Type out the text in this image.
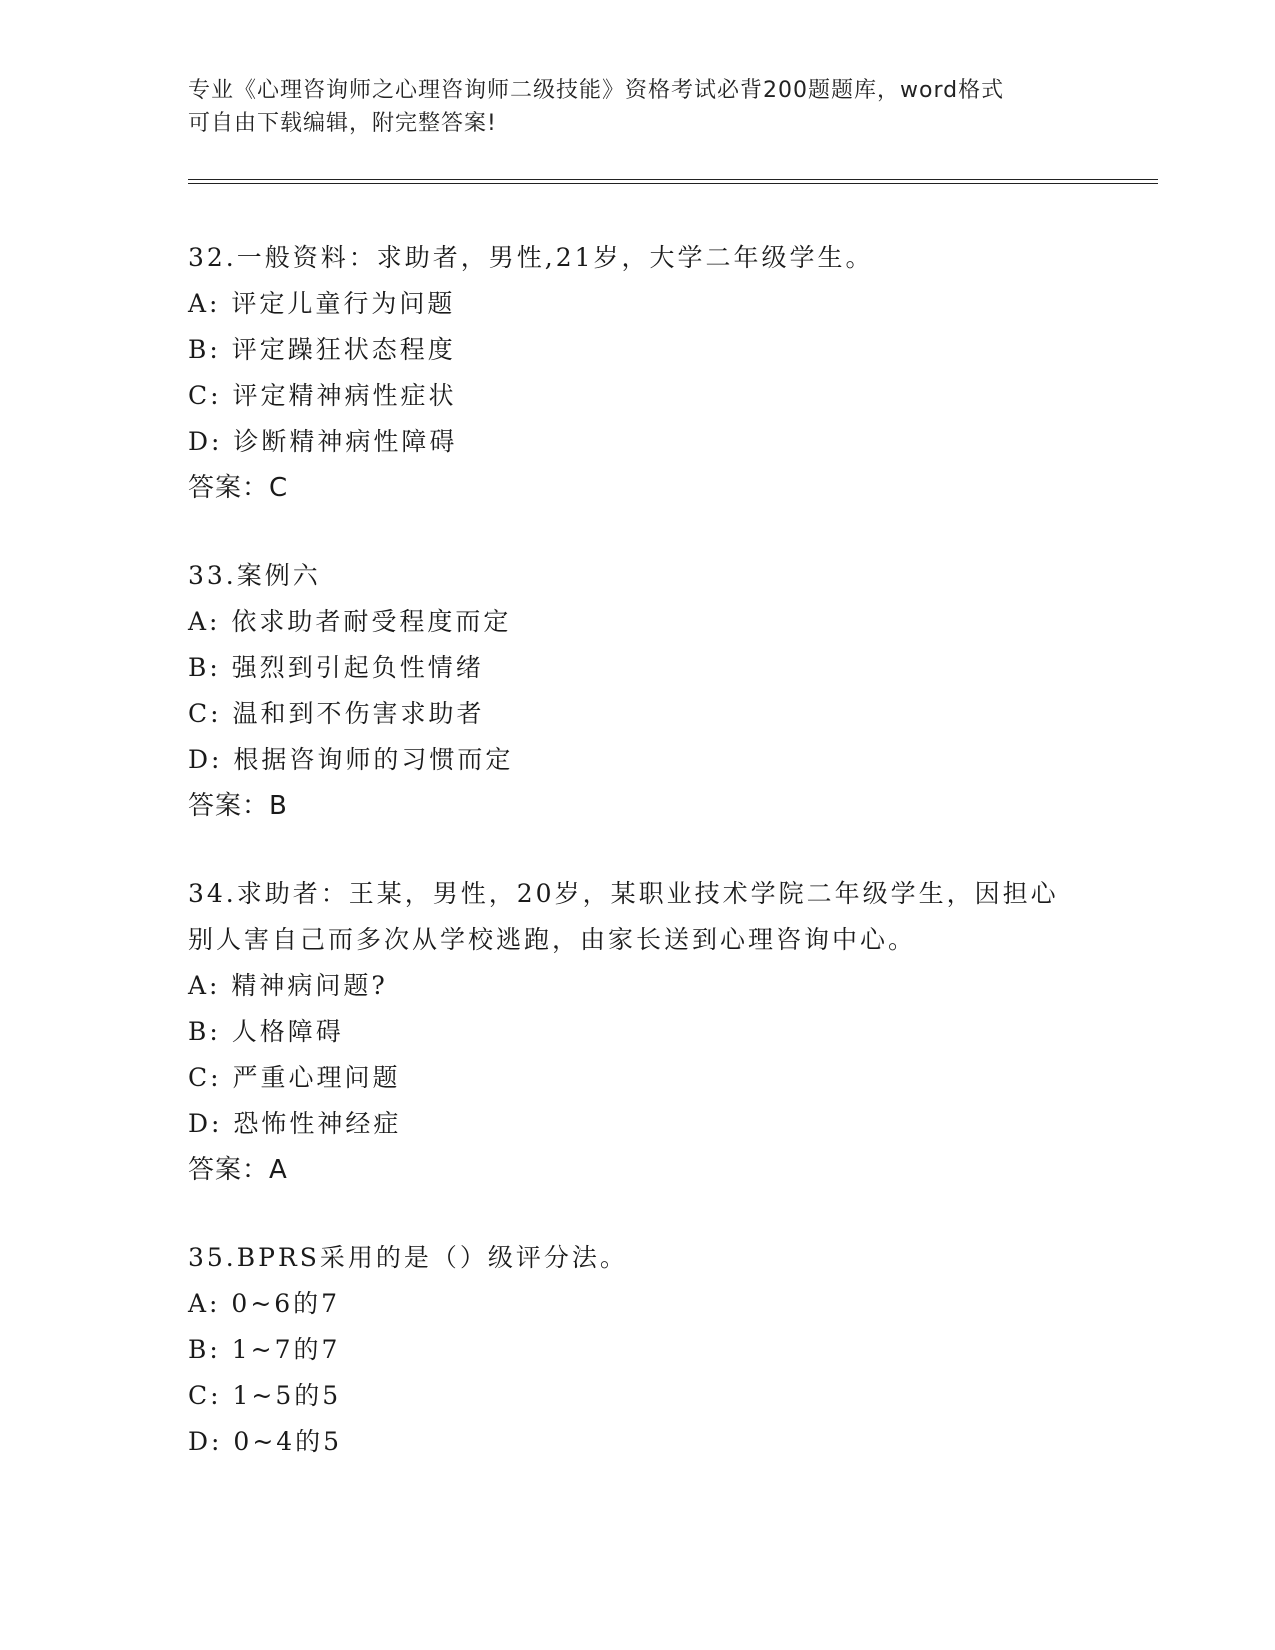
专业《心理咨询师之心理咨询师二级技能》资格考试必背200题题库，word格式
可自由下载编辑，附完整答案!
32.一般资料：求助者，男性,21岁，大学二年级学生。
A: 评定儿童行为问题
B: 评定躁狂状态程度
C: 评定精神病性症状
D: 诊断精神病性障碍
答案：C
33.案例六
A: 依求助者耐受程度而定
B: 强烈到引起负性情绪
C: 温和到不伤害求助者
D: 根据咨询师的习惯而定
答案：B
34.求助者：王某，男性，20岁，某职业技术学院二年级学生，因担心
别人害自己而多次从学校逃跑，由家长送到心理咨询中心。
A: 精神病问题?
B: 人格障碍
C: 严重心理问题
D: 恐怖性神经症
答案：A
35.BPRS采用的是（）级评分法。
A: 0~6的7
B: 1~7的7
C: 1~5的5
D: 0~4的5
